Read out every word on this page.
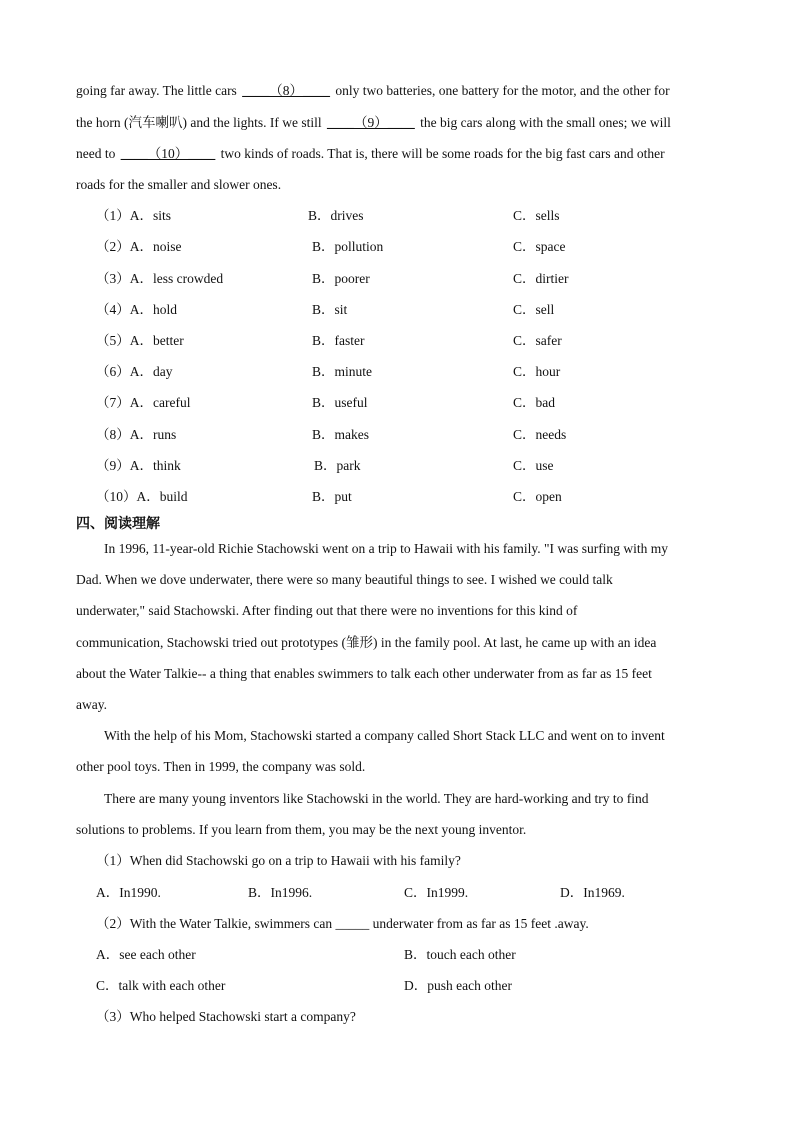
going far away. The little cars ____（8）____ only two batteries, one battery for the motor, and the other for
the horn (汽车喇叭) and the lights. If we still ____（9）____ the big cars along with the small ones; we will
need to ____（10）____ two kinds of roads. That is, there will be some roads for the big fast cars and other
roads for the smaller and slower ones.
（1）A．sits	B．drives	C．sells
（2）A．noise	B．pollution	C．space
（3）A．less crowded	B．poorer	C．dirtier
（4）A．hold	B．sit	C．sell
（5）A．better	B．faster	C．safer
（6）A．day	B．minute	C．hour
（7）A．careful	B．useful	C．bad
（8）A．runs	B．makes	C．needs
（9）A．think	B．park	C．use
（10）A．build	B．put	C．open
四、阅读理解
In 1996, 11-year-old Richie Stachowski went on a trip to Hawaii with his family. "I was surfing with my
Dad. When we dove underwater, there were so many beautiful things to see. I wished we could talk
underwater," said Stachowski. After finding out that there were no inventions for this kind of
communication, Stachowski tried out prototypes (雏形) in the family pool. At last, he came up with an idea
about the Water Talkie-- a thing that enables swimmers to talk each other underwater from as far as 15 feet
away.
With the help of his Mom, Stachowski started a company called Short Stack LLC and went on to invent
other pool toys. Then in 1999, the company was sold.
There are many young inventors like Stachowski in the world. They are hard-working and try to find
solutions to problems. If you learn from them, you may be the next young inventor.
（1）When did Stachowski go on a trip to Hawaii with his family?
A．In1990.	B．In1996.	C．In1999.	D．In1969.
（2）With the Water Talkie, swimmers can _____ underwater from as far as 15 feet .away.
A．see each other	B．touch each other
C．talk with each other	D．push each other
（3）Who helped Stachowski start a company?
